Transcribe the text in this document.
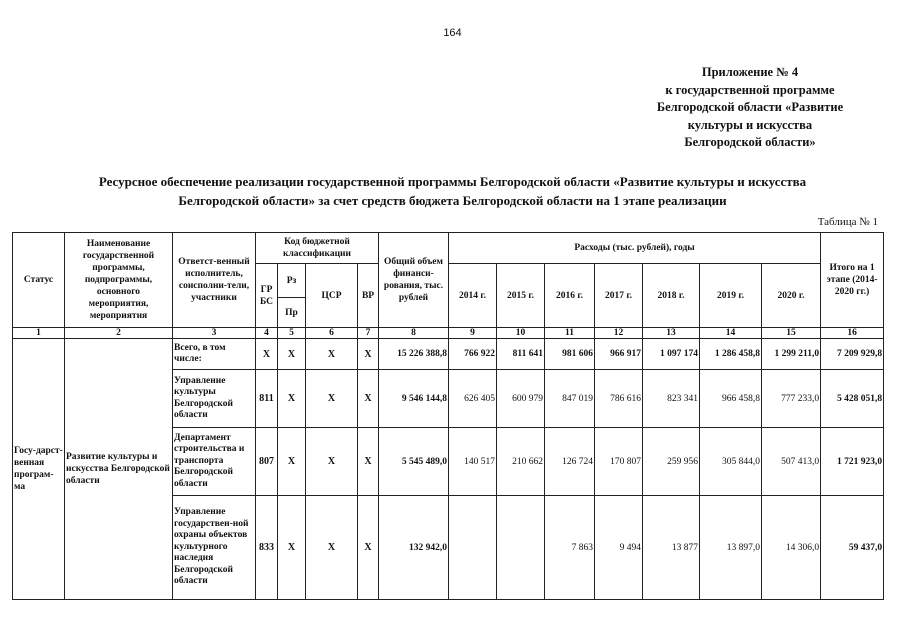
164
Приложение № 4
к государственной программе
Белгородской области «Развитие
культуры и искусства
Белгородской области»
Ресурсное обеспечение реализации государственной программы Белгородской области «Развитие культуры и искусства
Белгородской области» за счет средств бюджета Белгородской области на 1 этапе реализации
Таблица № 1
Статус	Наименование государственной программы, подпрограммы, основного мероприятия, мероприятия	Ответст-венный исполнитель, соисполни-тели, участники	Код бюджетной классификации				Общий объем финанси-рования, тыс. рублей	Расходы (тыс. рублей), годы							Итого на 1 этапе (2014-2020 гг.)
			ГР БС	Рз	ЦСР	ВР		2014 г.	2015 г.	2016 г.	2017 г.	2018 г.	2019 г.	2020 г.	
				Пр											
1	2	3	4	5	6	7	8	9	10	11	12	13	14	15	16
Госу-дарст-венная програм-ма	Развитие культуры и искусства Белгородской области	Всего, в том числе:	Х	Х	Х	Х	15 226 388,8	766 922	811 641	981 606	966 917	1 097 174	1 286 458,8	1 299 211,0	7 209 929,8
		Управление культуры Белгородской области	811	Х	Х	Х	9 546 144,8	626 405	600 979	847 019	786 616	823 341	966 458,8	777 233,0	5 428 051,8
		Департамент строительства и транспорта Белгородской области	807	Х	Х	Х	5 545 489,0	140 517	210 662	126 724	170 807	259 956	305 844,0	507 413,0	1 721 923,0
		Управление государствен-ной охраны объектов культурного наследия Белгородской области	833	Х	Х	Х	132 942,0			7 863	9 494	13 877	13 897,0	14 306,0	59 437,0
